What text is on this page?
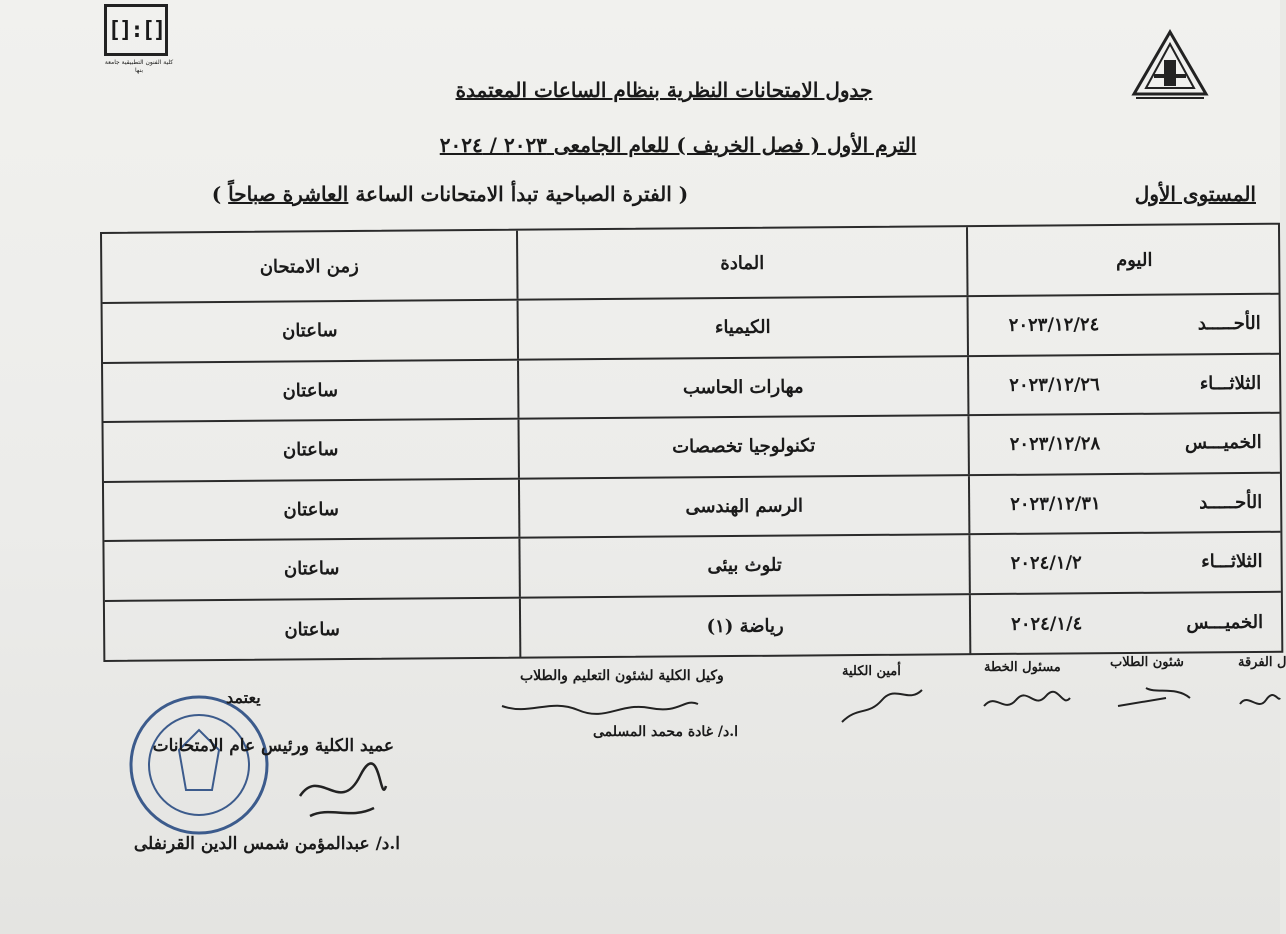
[]:[]
كلية الفنون التطبيقية جامعة بنها
جدول الامتحانات النظرية بنظام الساعات المعتمدة
الترم الأول ( فصل الخريف ) للعام الجامعى ٢٠٢٣ / ٢٠٢٤
المستوى الأول
( الفترة الصباحية تبدأ الامتحانات الساعة العاشرة صباحاً )
اليوم
المادة
زمن الامتحان
الأحـــــد
٢٠٢٣/١٢/٢٤
الكيمياء
ساعتان
الثلاثـــاء
٢٠٢٣/١٢/٢٦
مهارات الحاسب
ساعتان
الخميـــس
٢٠٢٣/١٢/٢٨
تكنولوجيا تخصصات
ساعتان
الأحـــــد
٢٠٢٣/١٢/٣١
الرسم الهندسى
ساعتان
الثلاثـــاء
٢٠٢٤/١/٢
تلوث بيئى
ساعتان
الخميـــس
٢٠٢٤/١/٤
رياضة (١)
ساعتان
ل الفرقة
شئون الطلاب
مسئول الخطة
أمين الكلية
وكيل الكلية لشئون التعليم والطلاب
ا.د/ غادة محمد المسلمى
يعتمد
عميد الكلية ورئيس عام الامتحانات
ا.د/ عبدالمؤمن شمس الدين القرنفلى
